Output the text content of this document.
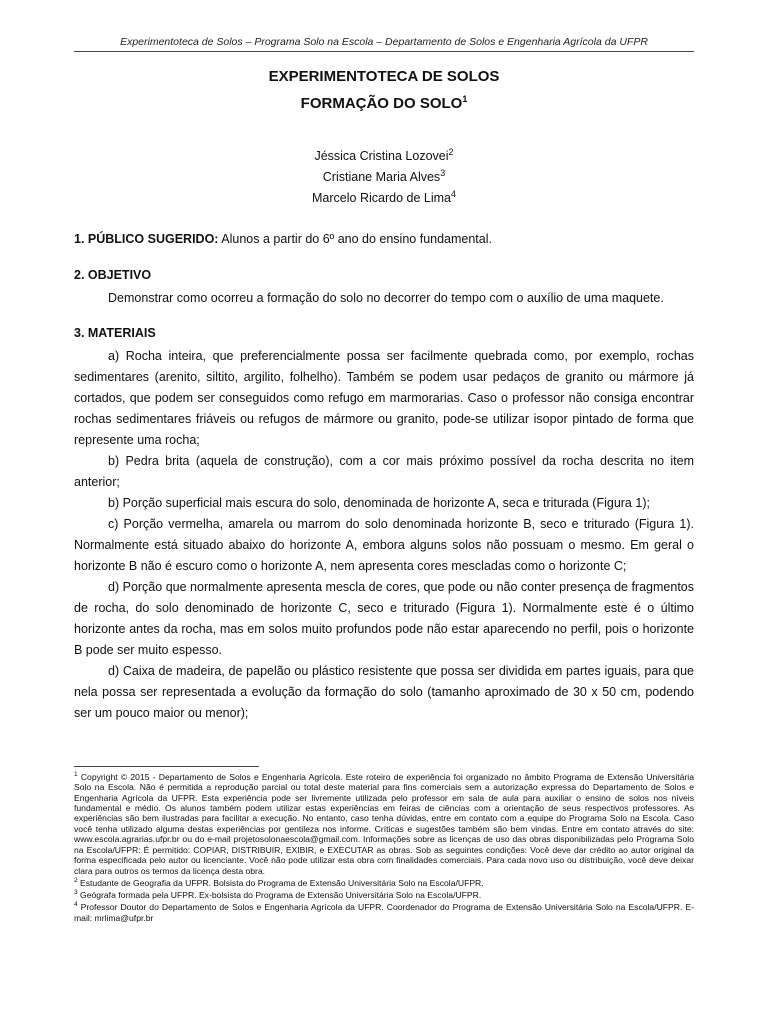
Experimentoteca de Solos – Programa Solo na Escola – Departamento de Solos e Engenharia Agrícola da UFPR
EXPERIMENTOTECA DE SOLOS
FORMAÇÃO DO SOLO$^1$
Jéssica Cristina Lozovei$^2$
Cristiane Maria Alves$^3$
Marcelo Ricardo de Lima$^4$

1. PÚBLICO SUGERIDO: Alunos a partir do 6º ano do ensino fundamental.

2. OBJETIVO

Demonstrar como ocorreu a formação do solo no decorrer do tempo com o auxílio de uma maquete.

3. MATERIAIS

a) Rocha inteira, que preferencialmente possa ser facilmente quebrada como, por exemplo, rochas sedimentares (arenito, siltito, argilito, folhelho). Também se podem usar pedaços de granito ou mármore já cortados, que podem ser conseguidos como refugo em marmorarias. Caso o professor não consiga encontrar rochas sedimentares friáveis ou refugos de mármore ou granito, pode-se utilizar isopor pintado de forma que represente uma rocha;

b) Pedra brita (aquela de construção), com a cor mais próximo possível da rocha descrita no item anterior;

b) Porção superficial mais escura do solo, denominada de horizonte A, seca e triturada (Figura 1);

c) Porção vermelha, amarela ou marrom do solo denominada horizonte B, seco e triturado (Figura 1). Normalmente está situado abaixo do horizonte A, embora alguns solos não possuam o mesmo. Em geral o horizonte B não é escuro como o horizonte A, nem apresenta cores mescladas como o horizonte C;

d) Porção que normalmente apresenta mescla de cores, que pode ou não conter presença de fragmentos de rocha, do solo denominado de horizonte C, seco e triturado (Figura 1). Normalmente este é o último horizonte antes da rocha, mas em solos muito profundos pode não estar aparecendo no perfil, pois o horizonte B pode ser muito espesso.

d) Caixa de madeira, de papelão ou plástico resistente que possa ser dividida em partes iguais, para que nela possa ser representada a evolução da formação do solo (tamanho aproximado de 30 x 50 cm, podendo ser um pouco maior ou menor);

$^1$ Copyright © 2015 - Departamento de Solos e Engenharia Agrícola. Este roteiro de experiência foi organizado no âmbito Programa de Extensão Universitária Solo na Escola. Não é permitida a reprodução parcial ou total deste material para fins comerciais sem a autorização expressa do Departamento de Solos e Engenharia Agrícola da UFPR. Esta experiência pode ser livremente utilizada pelo professor em sala de aula para auxiliar o ensino de solos nos níveis fundamental e médio. Os alunos também podem utilizar estas experiências em feiras de ciências com a orientação de seus respectivos professores. As experiências são bem ilustradas para facilitar a execução. No entanto, caso tenha dúvidas, entre em contato com a equipe do Programa Solo na Escola. Caso você tenha utilizado alguma destas experiências por gentileza nos informe. Críticas e sugestões também são bem vindas. Entre em contato através do site: www.escola.agrarias.ufpr.br ou do e-mail projetosolonaescola@gmail.com. Informações sobre as licenças de uso das obras disponibilizadas pelo Programa Solo na Escola/UFPR: É permitido: COPIAR, DISTRIBUIR, EXIBIR, e EXECUTAR as obras. Sob as seguintes condições: Você deve dar crédito ao autor original da forma especificada pelo autor ou licenciante. Você não pode utilizar esta obra com finalidades comerciais. Para cada novo uso ou distribuição, você deve deixar clara para outros os termos da licença desta obra.

$^2$ Estudante de Geografia da UFPR. Bolsista do Programa de Extensão Universitária Solo na Escola/UFPR.

$^3$ Geógrafa formada pela UFPR. Ex-bolsista do Programa de Extensão Universitária Solo na Escola/UFPR.

$^4$ Professor Doutor do Departamento de Solos e Engenharia Agrícola da UFPR. Coordenador do Programa de Extensão Universitária Solo na Escola/UFPR. E-mail: mrlima@ufpr.br
